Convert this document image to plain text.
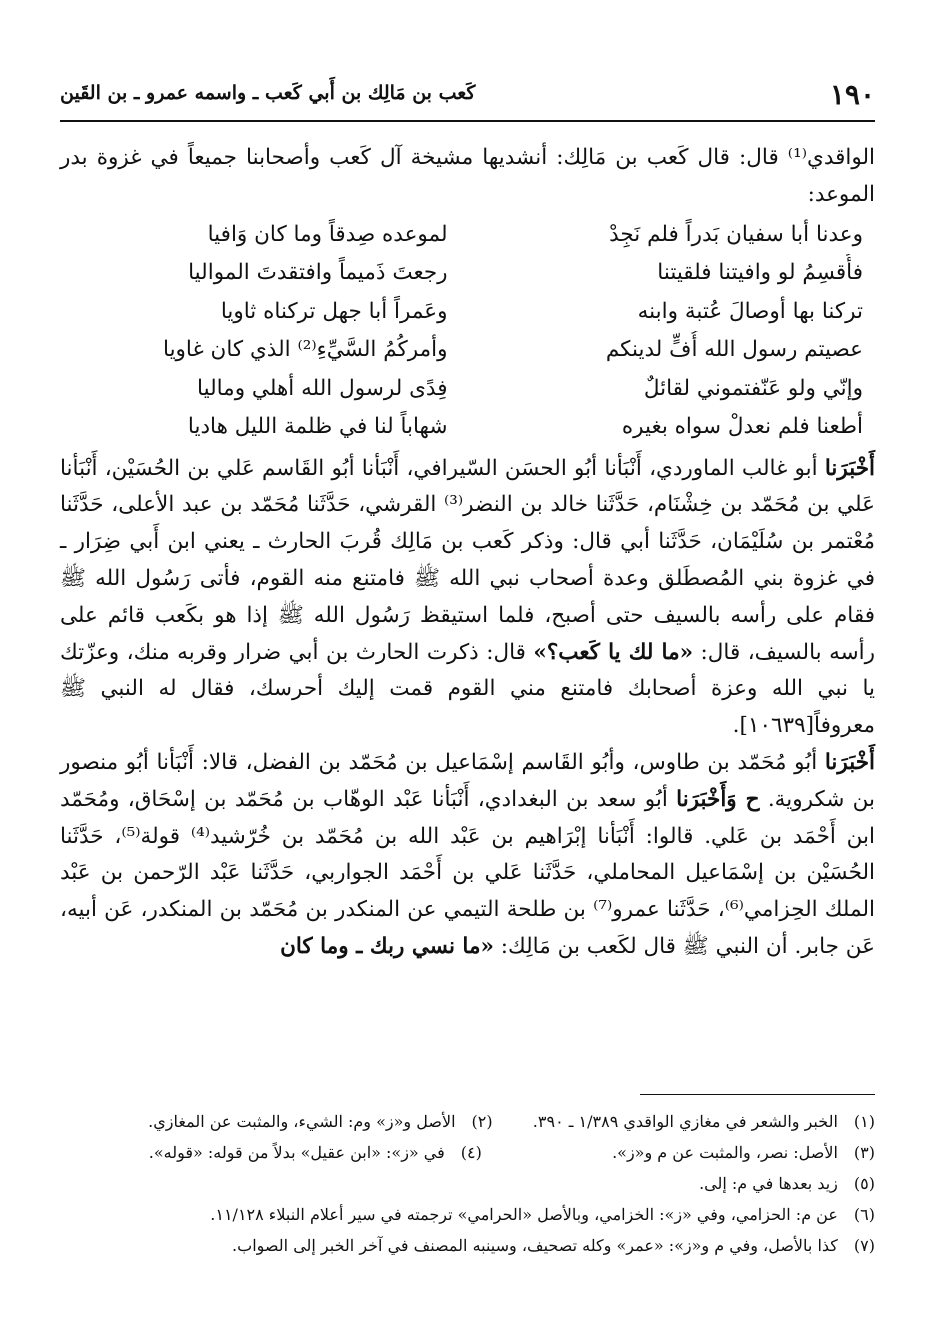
١٩٠
كَعب بن مَالِك بن أَبي كَعب ـ واسمه عمرو ـ بن القَين

الواقدي⁽¹⁾ قال: قال كَعب بن مَالِك: أنشديها مشيخة آل كَعب وأصحابنا جميعاً في غزوة بدر الموعد:

وعدنا أبا سفيان بَدراً فلم نَجِدْ
لموعده صِدقاً وما كان وَافيا
فأُقسِمُ لو وافيتنا فلقيتنا
رجعتَ ذَميماً وافتقدتَ المواليا
تركنا بها أوصالَ عُتبة وابنه
وعَمراً أبا جهل تركناه ثاويا
عصيتم رسول الله أُفٍّ لدينكم
وأمركُمُ السَّيِّءِ⁽²⁾ الذي كان غاويا
وإنّي ولو عَنّفتموني لقائلٌ
فِدًى لرسول الله أهلي وماليا
أطعنا فلم نعدلْ سواه بغيره
شهاباً لنا في ظلمة الليل هاديا

أَخْبَرَنا أبو غالب الماوردي، أَنْبَأنا أبُو الحسَن السّيرافي، أَنْبَأنا أبُو القَاسم عَلي بن الحُسَيْن، أَنْبَأنا عَلي بن مُحَمّد بن خِشْنَام، حَدَّثَنا خالد بن النضر⁽³⁾ القرشي، حَدَّثَنا مُحَمّد بن عبد الأعلى، حَدَّثَنا مُعْتمر بن سُلَيْمَان، حَدَّثَنا أبي قال: وذكر كَعب بن مَالِك قُربَ الحارث ـ يعني ابن أَبي ضِرَار ـ في غزوة بني المُصطَلق وعدة أصحاب نبي الله ﷺ فامتنع منه القوم، فأتى رَسُول الله ﷺ فقام على رأسه بالسيف حتى أصبح، فلما استيقظ رَسُول الله ﷺ إذا هو بكَعب قائم على رأسه بالسيف، قال: «ما لك يا كَعب؟» قال: ذكرت الحارث بن أبي ضرار وقربه منك، وعزّتك يا نبي الله وعزة أصحابك فامتنع مني القوم قمت إليك أحرسك، فقال له النبي ﷺ معروفاً[١٠٦٣٩].

أَخْبَرَنا أبُو مُحَمّد بن طاوس، وأبُو القَاسم إسْمَاعيل بن مُحَمّد بن الفضل، قالا: أَنْبَأنا أبُو منصور بن شكروية. ح وَأَخْبَرَنا أبُو سعد بن البغدادي، أَنْبَأنا عَبْد الوهّاب بن مُحَمّد بن إسْحَاق، ومُحَمّد ابن أَحْمَد بن عَلي. قالوا: أَنْبَأنا إبْرَاهيم بن عَبْد الله بن مُحَمّد بن خُرّشيد⁽⁴⁾ قولة⁽⁵⁾، حَدَّثَنا الحُسَيْن بن إسْمَاعيل المحاملي، حَدَّثَنا عَلي بن أَحْمَد الجواربي، حَدَّثَنا عَبْد الرّحمن بن عَبْد الملك الحِزامي⁽⁶⁾، حَدَّثَنا عمرو⁽⁷⁾ بن طلحة التيمي عن المنكدر بن مُحَمّد بن المنكدر، عَن أبيه، عَن جابر. أن النبي ﷺ قال لكَعب بن مَالِك: «ما نسي ربك ـ وما كان

(١) الخبر والشعر في مغازي الواقدي ١/٣٨٩ ـ ٣٩٠.  (٢) الأصل و«ز» وم: الشيء، والمثبت عن المغازي.
(٣) الأصل: نصر، والمثبت عن م و«ز».  (٤) في «ز»: «ابن عقيل» بدلاً من قوله: «قوله».
(٥) زيد بعدها في م: إلى.
(٦) عن م: الحزامي، وفي «ز»: الخزامي، وبالأصل «الحرامي» ترجمته في سير أعلام النبلاء ١١/١٢٨.
(٧) كذا بالأصل، وفي م و«ز»: «عمر» وكله تصحيف، وسينبه المصنف في آخر الخبر إلى الصواب.
